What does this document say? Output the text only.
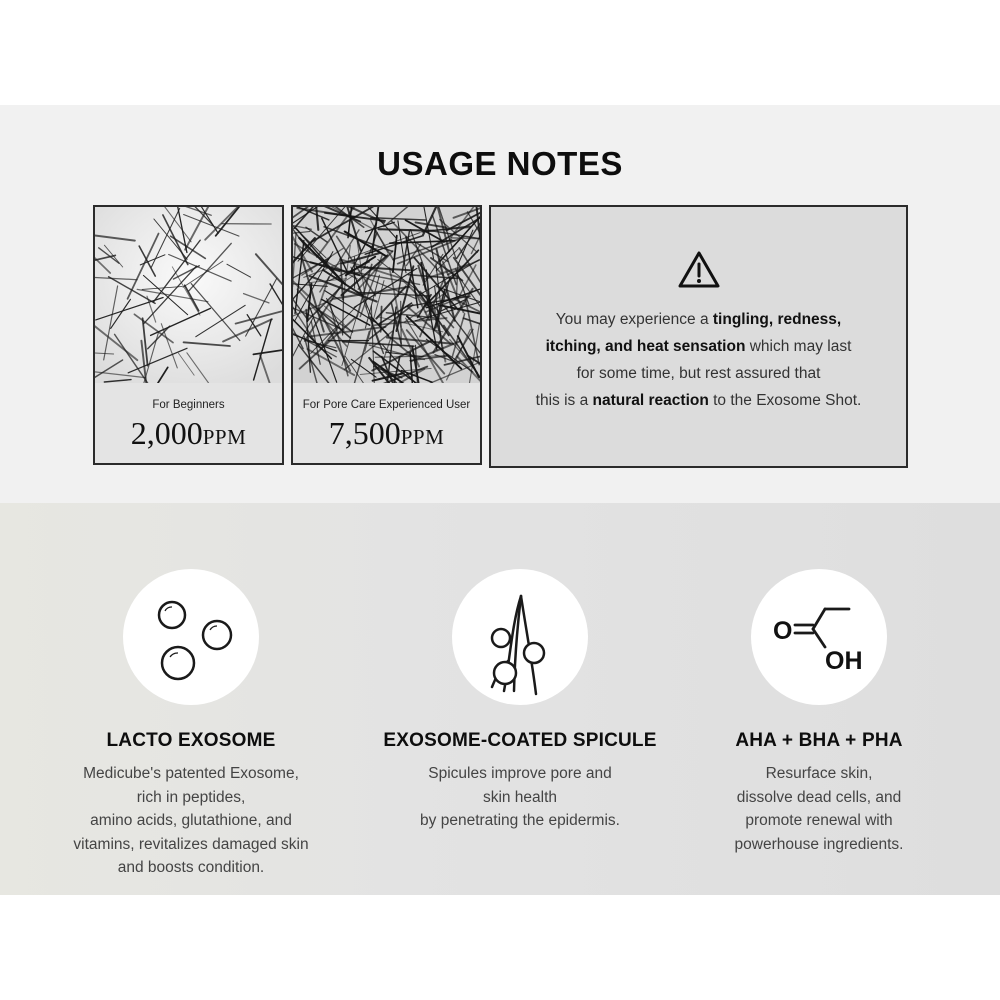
USAGE NOTES
For Beginners
2,000PPM
For Pore Care Experienced User
7,500PPM
You may experience a tingling, redness,
itching, and heat sensation which may last
for some time, but rest assured that
this is a natural reaction to the Exosome Shot.
LACTO EXOSOME
Medicube's patented Exosome,
rich in peptides,
amino acids, glutathione, and
vitamins, revitalizes damaged skin
and boosts condition.
EXOSOME-COATED SPICULE
Spicules improve pore and
skin health
by penetrating the epidermis.
O
OH
AHA + BHA + PHA
Resurface skin,
dissolve dead cells, and
promote renewal with
powerhouse ingredients.
